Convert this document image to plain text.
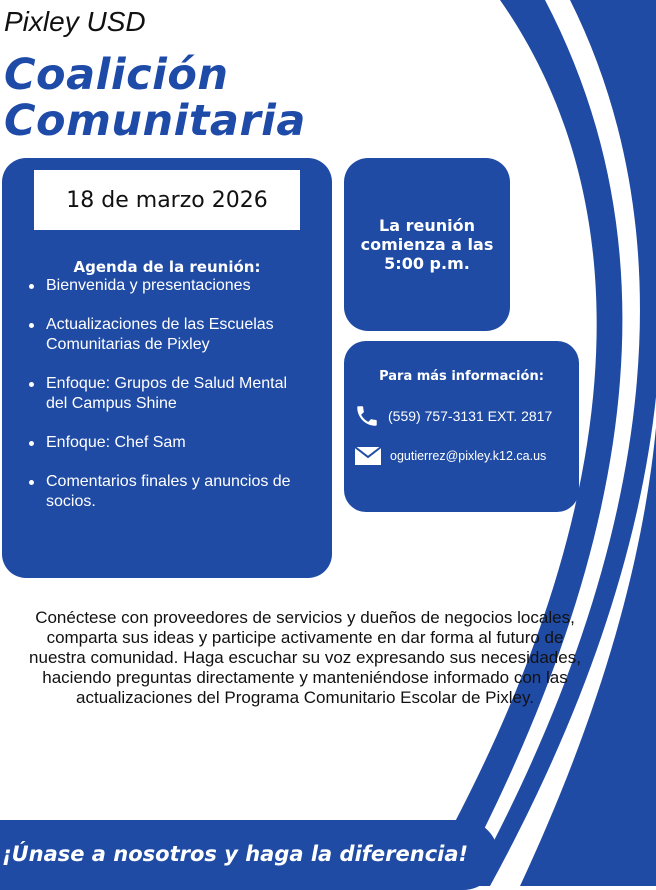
Pixley USD
Coalición
Comunitaria
18 de marzo 2026
Agenda de la reunión:
Bienvenida y presentaciones
Actualizaciones de las Escuelas Comunitarias de Pixley
Enfoque: Grupos de Salud Mental del Campus Shine
Enfoque: Chef Sam
Comentarios finales y anuncios de socios.
La reunión comienza a las 5:00 p.m.
Para más información:
(559) 757-3131 EXT. 2817
ogutierrez@pixley.k12.ca.us
Conéctese con proveedores de servicios y dueños de negocios locales, comparta sus ideas y participe activamente en dar forma al futuro de nuestra comunidad. Haga escuchar su voz expresando sus necesidades, haciendo preguntas directamente y manteniéndose informado con las actualizaciones del Programa Comunitario Escolar de Pixley.
¡Únase a nosotros y haga la diferencia!
